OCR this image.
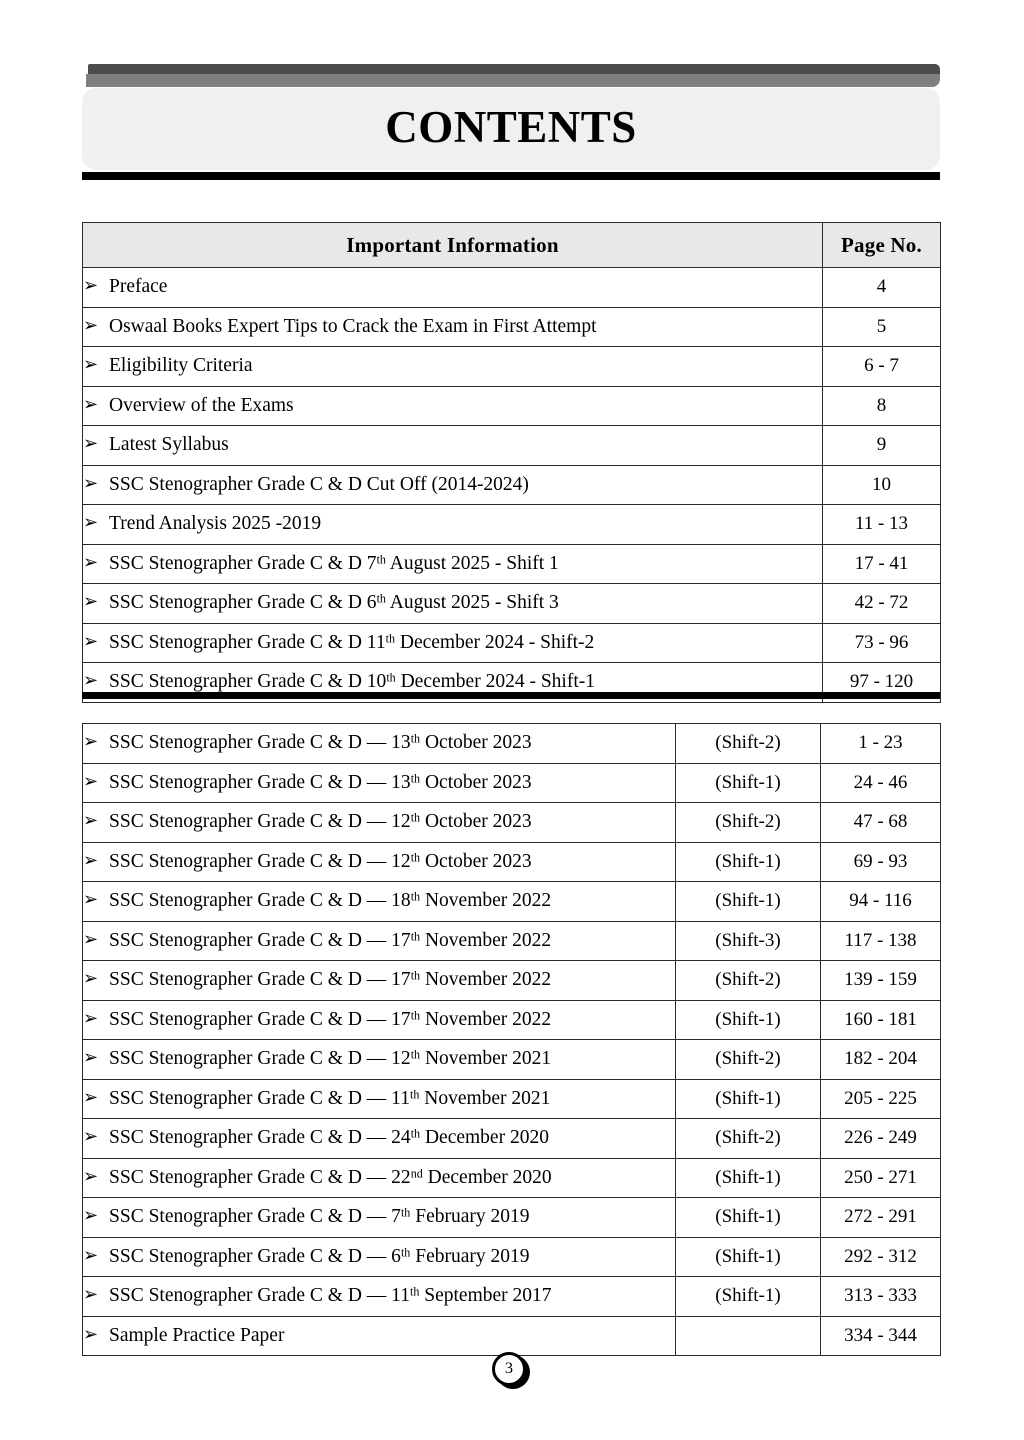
CONTENTS
Important Information	Page No.
➢ Preface	4
➢ Oswaal Books Expert Tips to Crack the Exam in First Attempt	5
➢ Eligibility Criteria	6 - 7
➢ Overview of the Exams	8
➢ Latest Syllabus	9
➢ SSC Stenographer Grade C & D Cut Off (2014-2024)	10
➢ Trend Analysis 2025 -2019	11 - 13
➢ SSC Stenographer Grade C & D 7th August 2025 - Shift 1	17 - 41
➢ SSC Stenographer Grade C & D 6th August 2025 - Shift 3	42 - 72
➢ SSC Stenographer Grade C & D 11th December 2024 - Shift-2	73 - 96
➢ SSC Stenographer Grade C & D 10th December 2024 - Shift-1	97 - 120
➢ SSC Stenographer Grade C & D — 13th October 2023	(Shift-2)	1 - 23
➢ SSC Stenographer Grade C & D — 13th October 2023	(Shift-1)	24 - 46
➢ SSC Stenographer Grade C & D — 12th October 2023	(Shift-2)	47 - 68
➢ SSC Stenographer Grade C & D — 12th October 2023	(Shift-1)	69 - 93
➢ SSC Stenographer Grade C & D — 18th November 2022	(Shift-1)	94 - 116
➢ SSC Stenographer Grade C & D — 17th November 2022	(Shift-3)	117 - 138
➢ SSC Stenographer Grade C & D — 17th November 2022	(Shift-2)	139 - 159
➢ SSC Stenographer Grade C & D — 17th November 2022	(Shift-1)	160 - 181
➢ SSC Stenographer Grade C & D — 12th November 2021	(Shift-2)	182 - 204
➢ SSC Stenographer Grade C & D — 11th November 2021	(Shift-1)	205 - 225
➢ SSC Stenographer Grade C & D — 24th December 2020	(Shift-2)	226 - 249
➢ SSC Stenographer Grade C & D — 22nd December 2020	(Shift-1)	250 - 271
➢ SSC Stenographer Grade C & D — 7th February 2019	(Shift-1)	272 - 291
➢ SSC Stenographer Grade C & D — 6th February 2019	(Shift-1)	292 - 312
➢ SSC Stenographer Grade C & D — 11th September 2017	(Shift-1)	313 - 333
➢ Sample Practice Paper		334 - 344
3
